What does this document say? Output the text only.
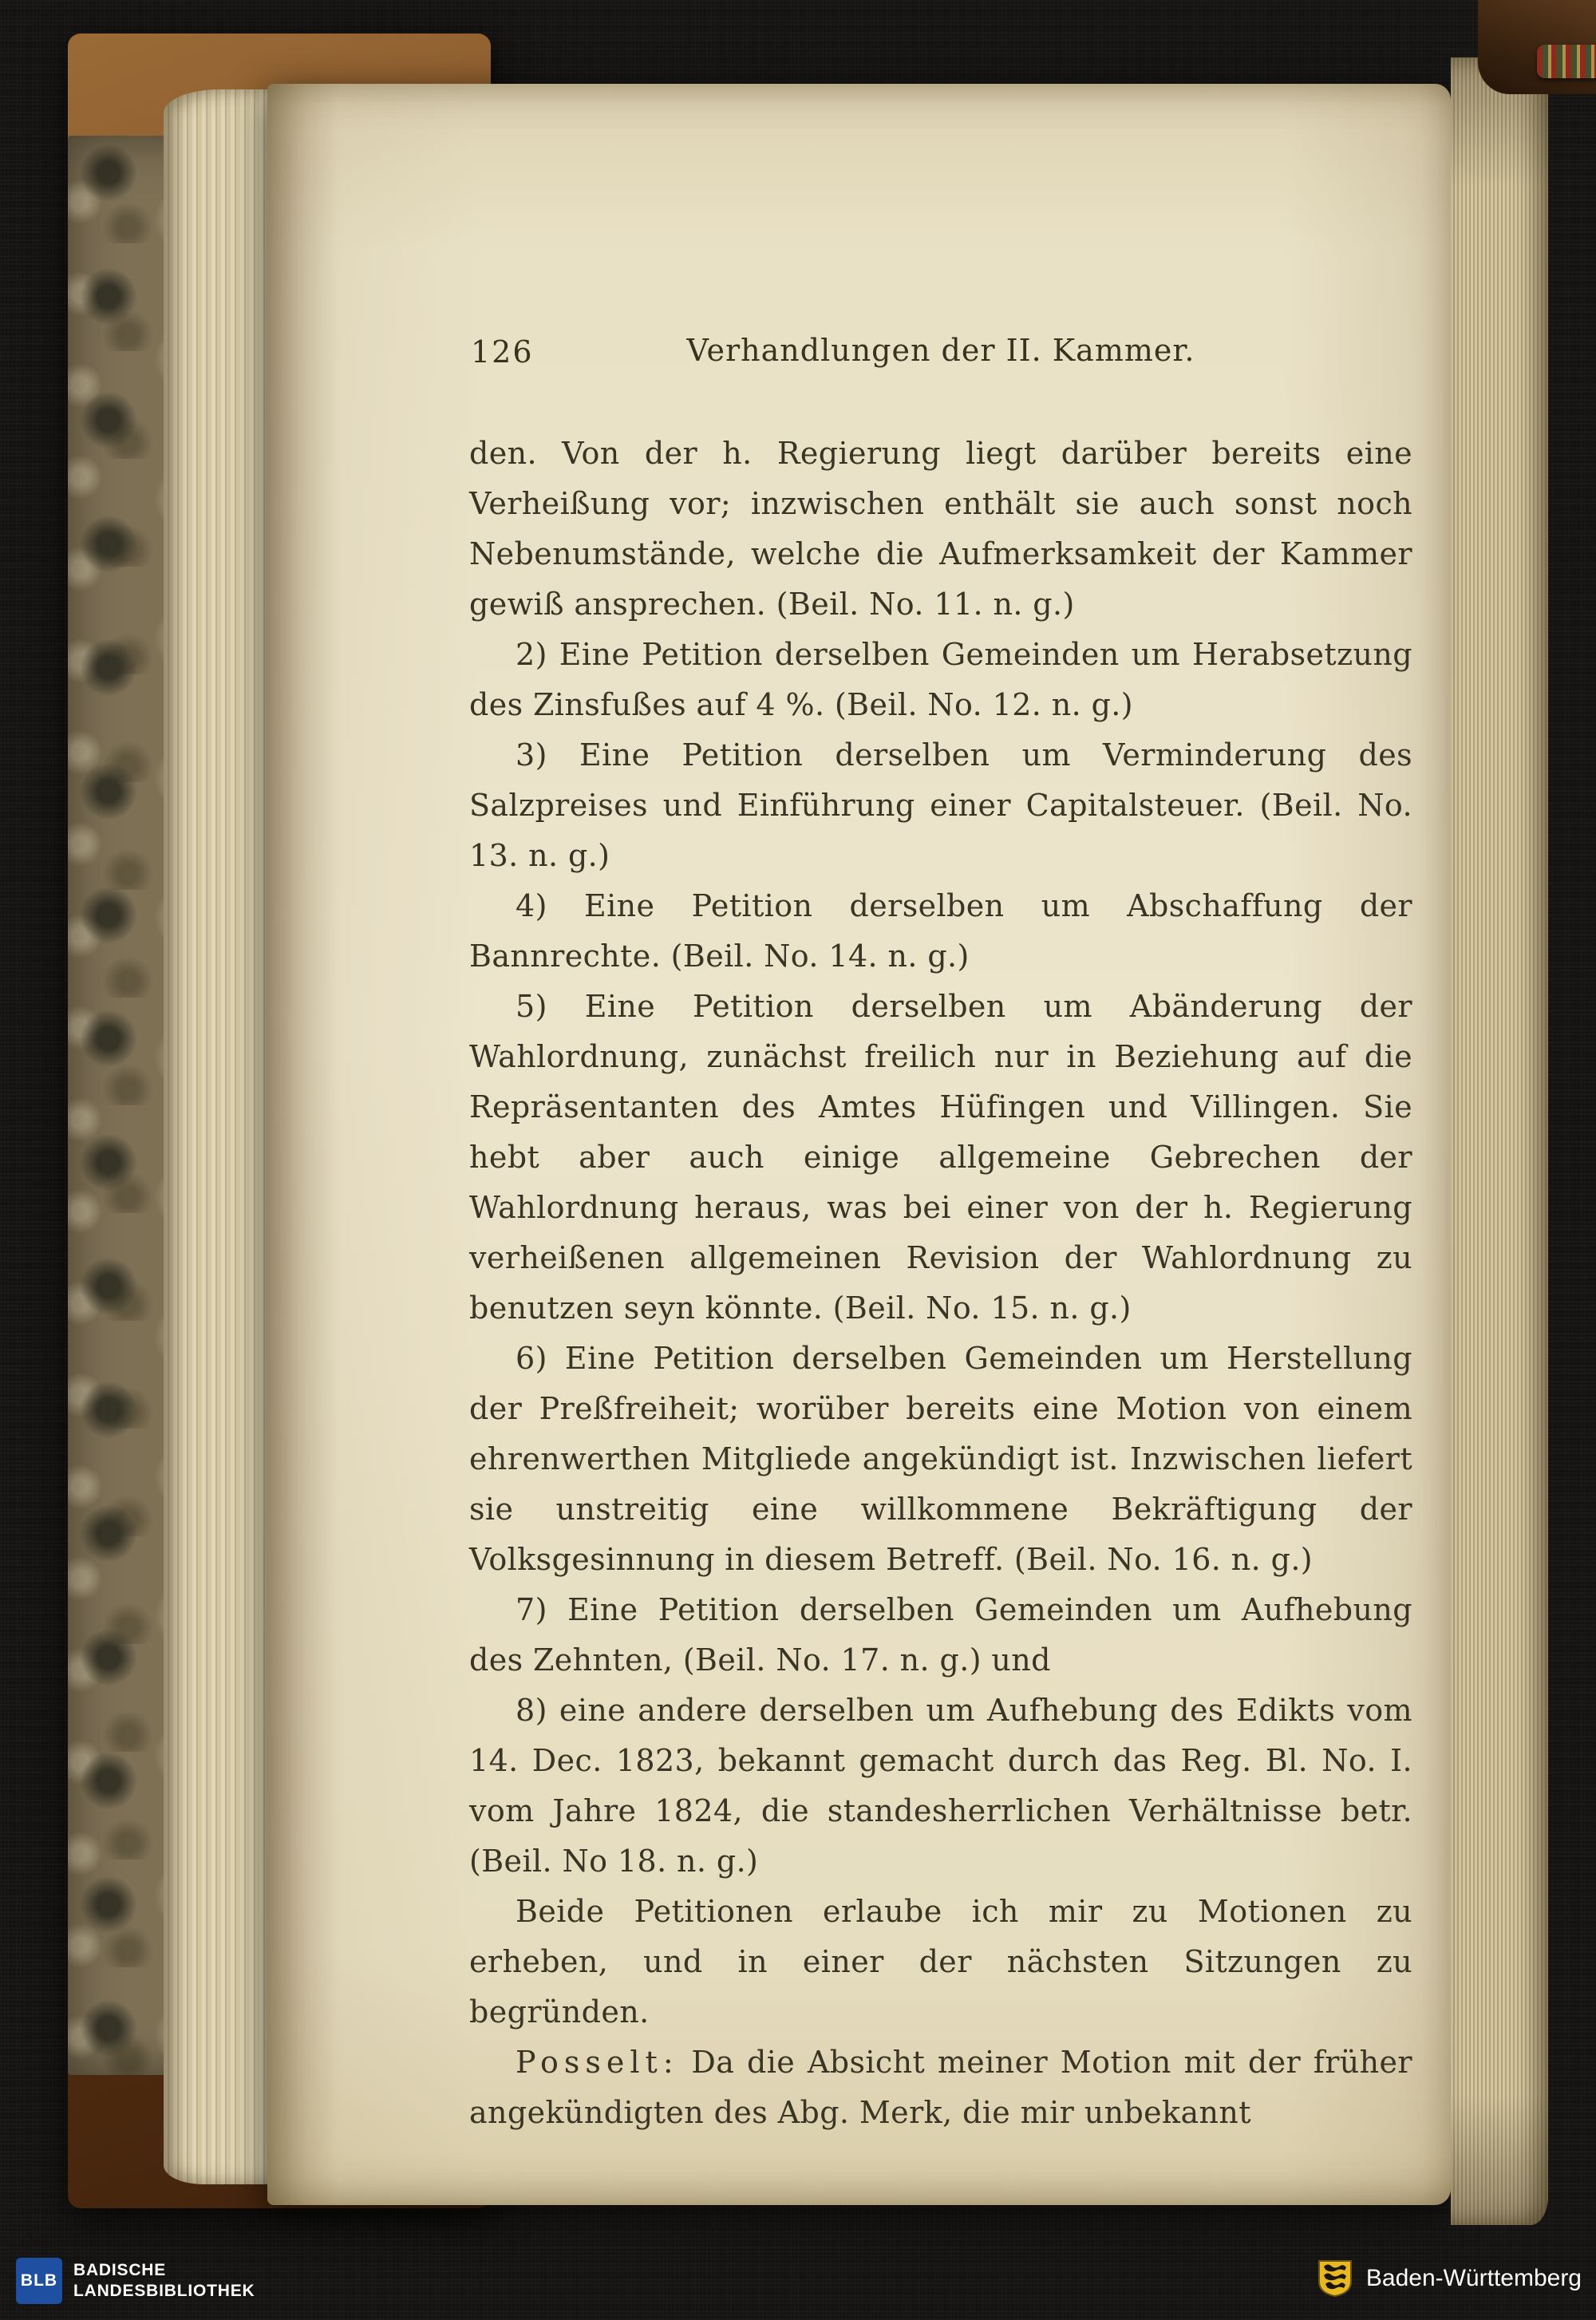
126	Verhandlungen der II. Kammer.

den. Von der h. Regierung liegt darüber bereits eine Verheißung vor; inzwischen enthält sie auch sonst noch Nebenumstände, welche die Aufmerksamkeit der Kammer gewiß ansprechen. (Beil. No. 11. n. g.)

2) Eine Petition derselben Gemeinden um Herabsetzung des Zinsfußes auf 4 %. (Beil. No. 12. n. g.)

3) Eine Petition derselben um Verminderung des Salzpreises und Einführung einer Capitalsteuer. (Beil. No. 13. n. g.)

4) Eine Petition derselben um Abschaffung der Bannrechte. (Beil. No. 14. n. g.)

5) Eine Petition derselben um Abänderung der Wahlordnung, zunächst freilich nur in Beziehung auf die Repräsentanten des Amtes Hüfingen und Villingen. Sie hebt aber auch einige allgemeine Gebrechen der Wahlordnung heraus, was bei einer von der h. Regierung verheißenen allgemeinen Revision der Wahlordnung zu benutzen seyn könnte. (Beil. No. 15. n. g.)

6) Eine Petition derselben Gemeinden um Herstellung der Preßfreiheit; worüber bereits eine Motion von einem ehrenwerthen Mitgliede angekündigt ist. Inzwischen liefert sie unstreitig eine willkommene Bekräftigung der Volksgesinnung in diesem Betreff. (Beil. No. 16. n. g.)

7) Eine Petition derselben Gemeinden um Aufhebung des Zehnten, (Beil. No. 17. n. g.) und

8) eine andere derselben um Aufhebung des Edikts vom 14. Dec. 1823, bekannt gemacht durch das Reg. Bl. No. I. vom Jahre 1824, die standesherrlichen Verhältnisse betr. (Beil. No 18. n. g.)

Beide Petitionen erlaube ich mir zu Motionen zu erheben, und in einer der nächsten Sitzungen zu begründen.

Posselt: Da die Absicht meiner Motion mit der früher angekündigten des Abg. Merk, die mir unbekannt

BLB
BADISCHE
LANDESBIBLIOTHEK	Baden-Württemberg
